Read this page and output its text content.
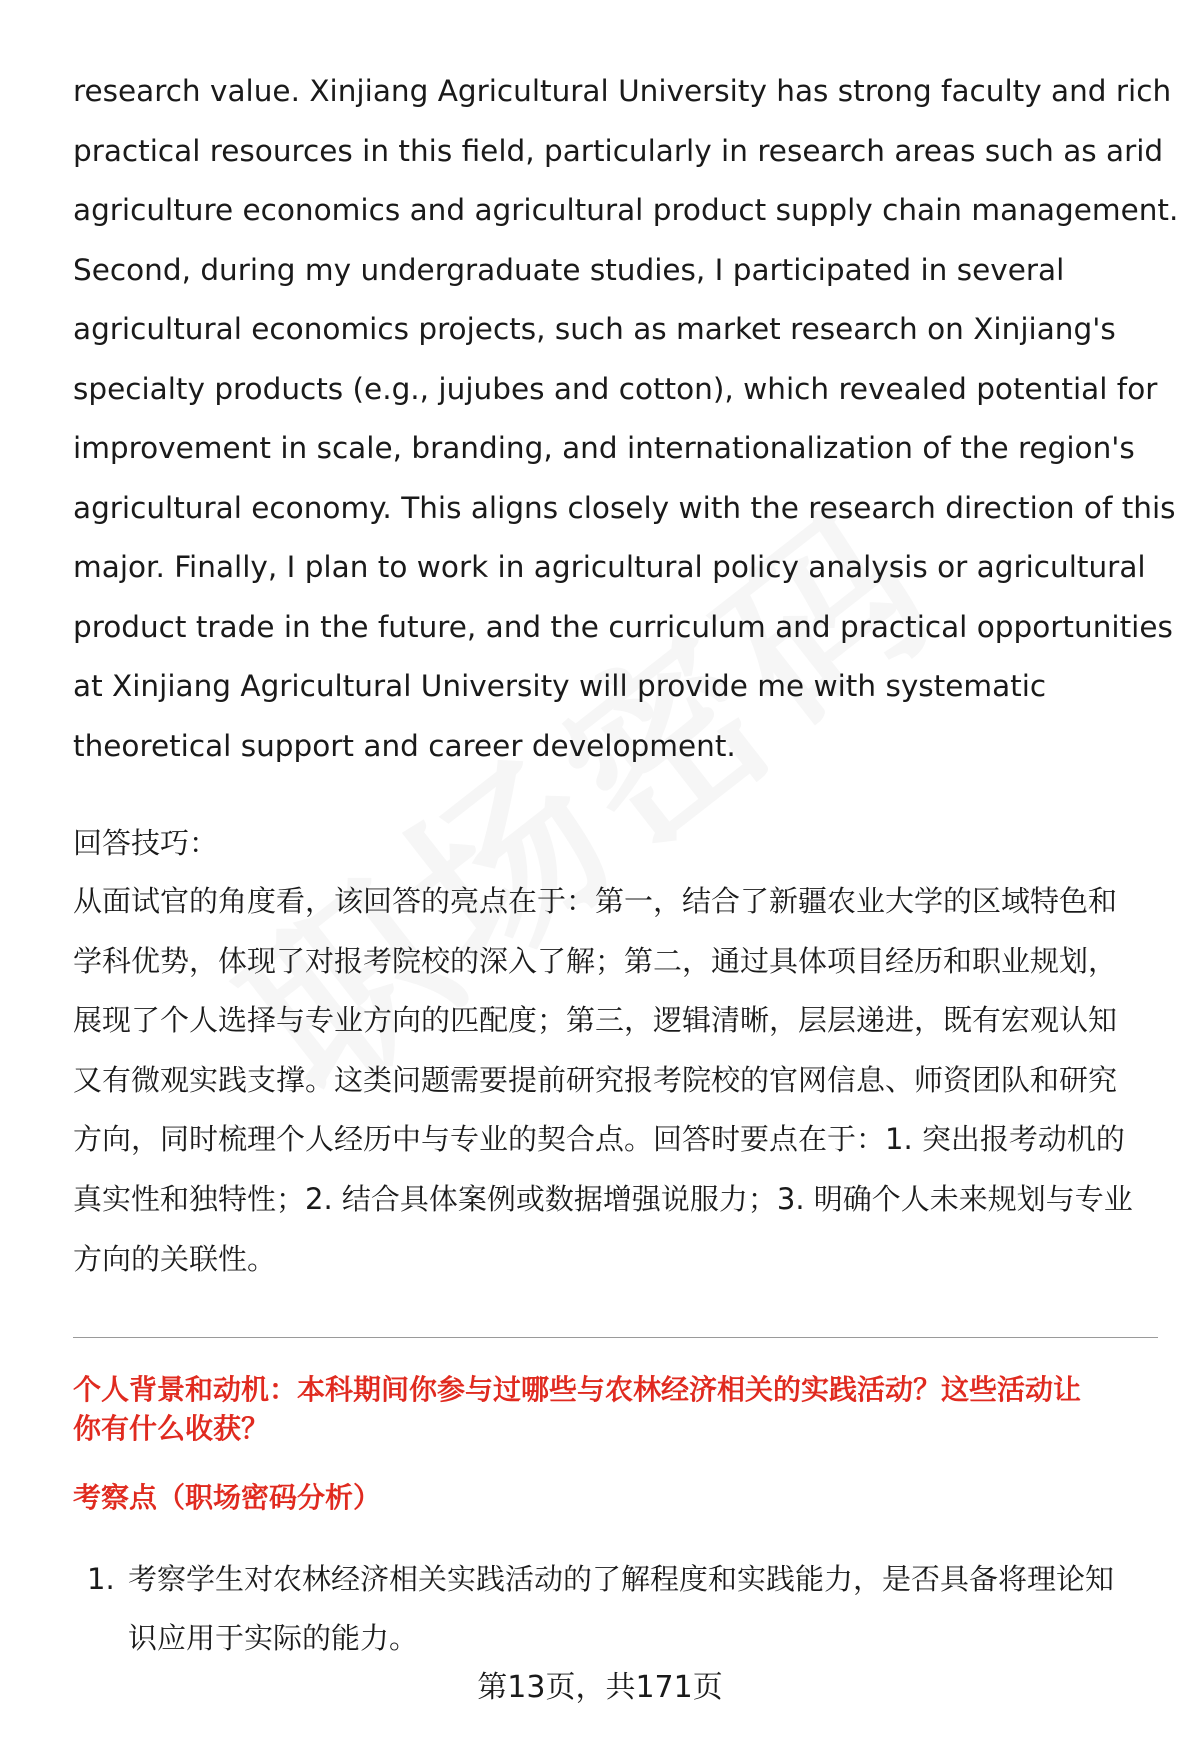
research value. Xinjiang Agricultural University has strong faculty and rich
practical resources in this field, particularly in research areas such as arid
agriculture economics and agricultural product supply chain management.
Second, during my undergraduate studies, I participated in several
agricultural economics projects, such as market research on Xinjiang's
specialty products (e.g., jujubes and cotton), which revealed potential for
improvement in scale, branding, and internationalization of the region's
agricultural economy. This aligns closely with the research direction of this
major. Finally, I plan to work in agricultural policy analysis or agricultural
product trade in the future, and the curriculum and practical opportunities
at Xinjiang Agricultural University will provide me with systematic
theoretical support and career development.

回答技巧：

从面试官的角度看，该回答的亮点在于：第一，结合了新疆农业大学的区域特色和
学科优势，体现了对报考院校的深入了解；第二，通过具体项目经历和职业规划，
展现了个人选择与专业方向的匹配度；第三，逻辑清晰，层层递进，既有宏观认知
又有微观实践支撑。这类问题需要提前研究报考院校的官网信息、师资团队和研究
方向，同时梳理个人经历中与专业的契合点。回答时要点在于：1. 突出报考动机的
真实性和独特性；2. 结合具体案例或数据增强说服力；3. 明确个人未来规划与专业
方向的关联性。

个人背景和动机：本科期间你参与过哪些与农林经济相关的实践活动？这些活动让
你有什么收获？
考察点（职场密码分析）
1. 考察学生对农林经济相关实践活动的了解程度和实践能力，是否具备将理论知
识应用于实际的能力。
第13页，共171页
